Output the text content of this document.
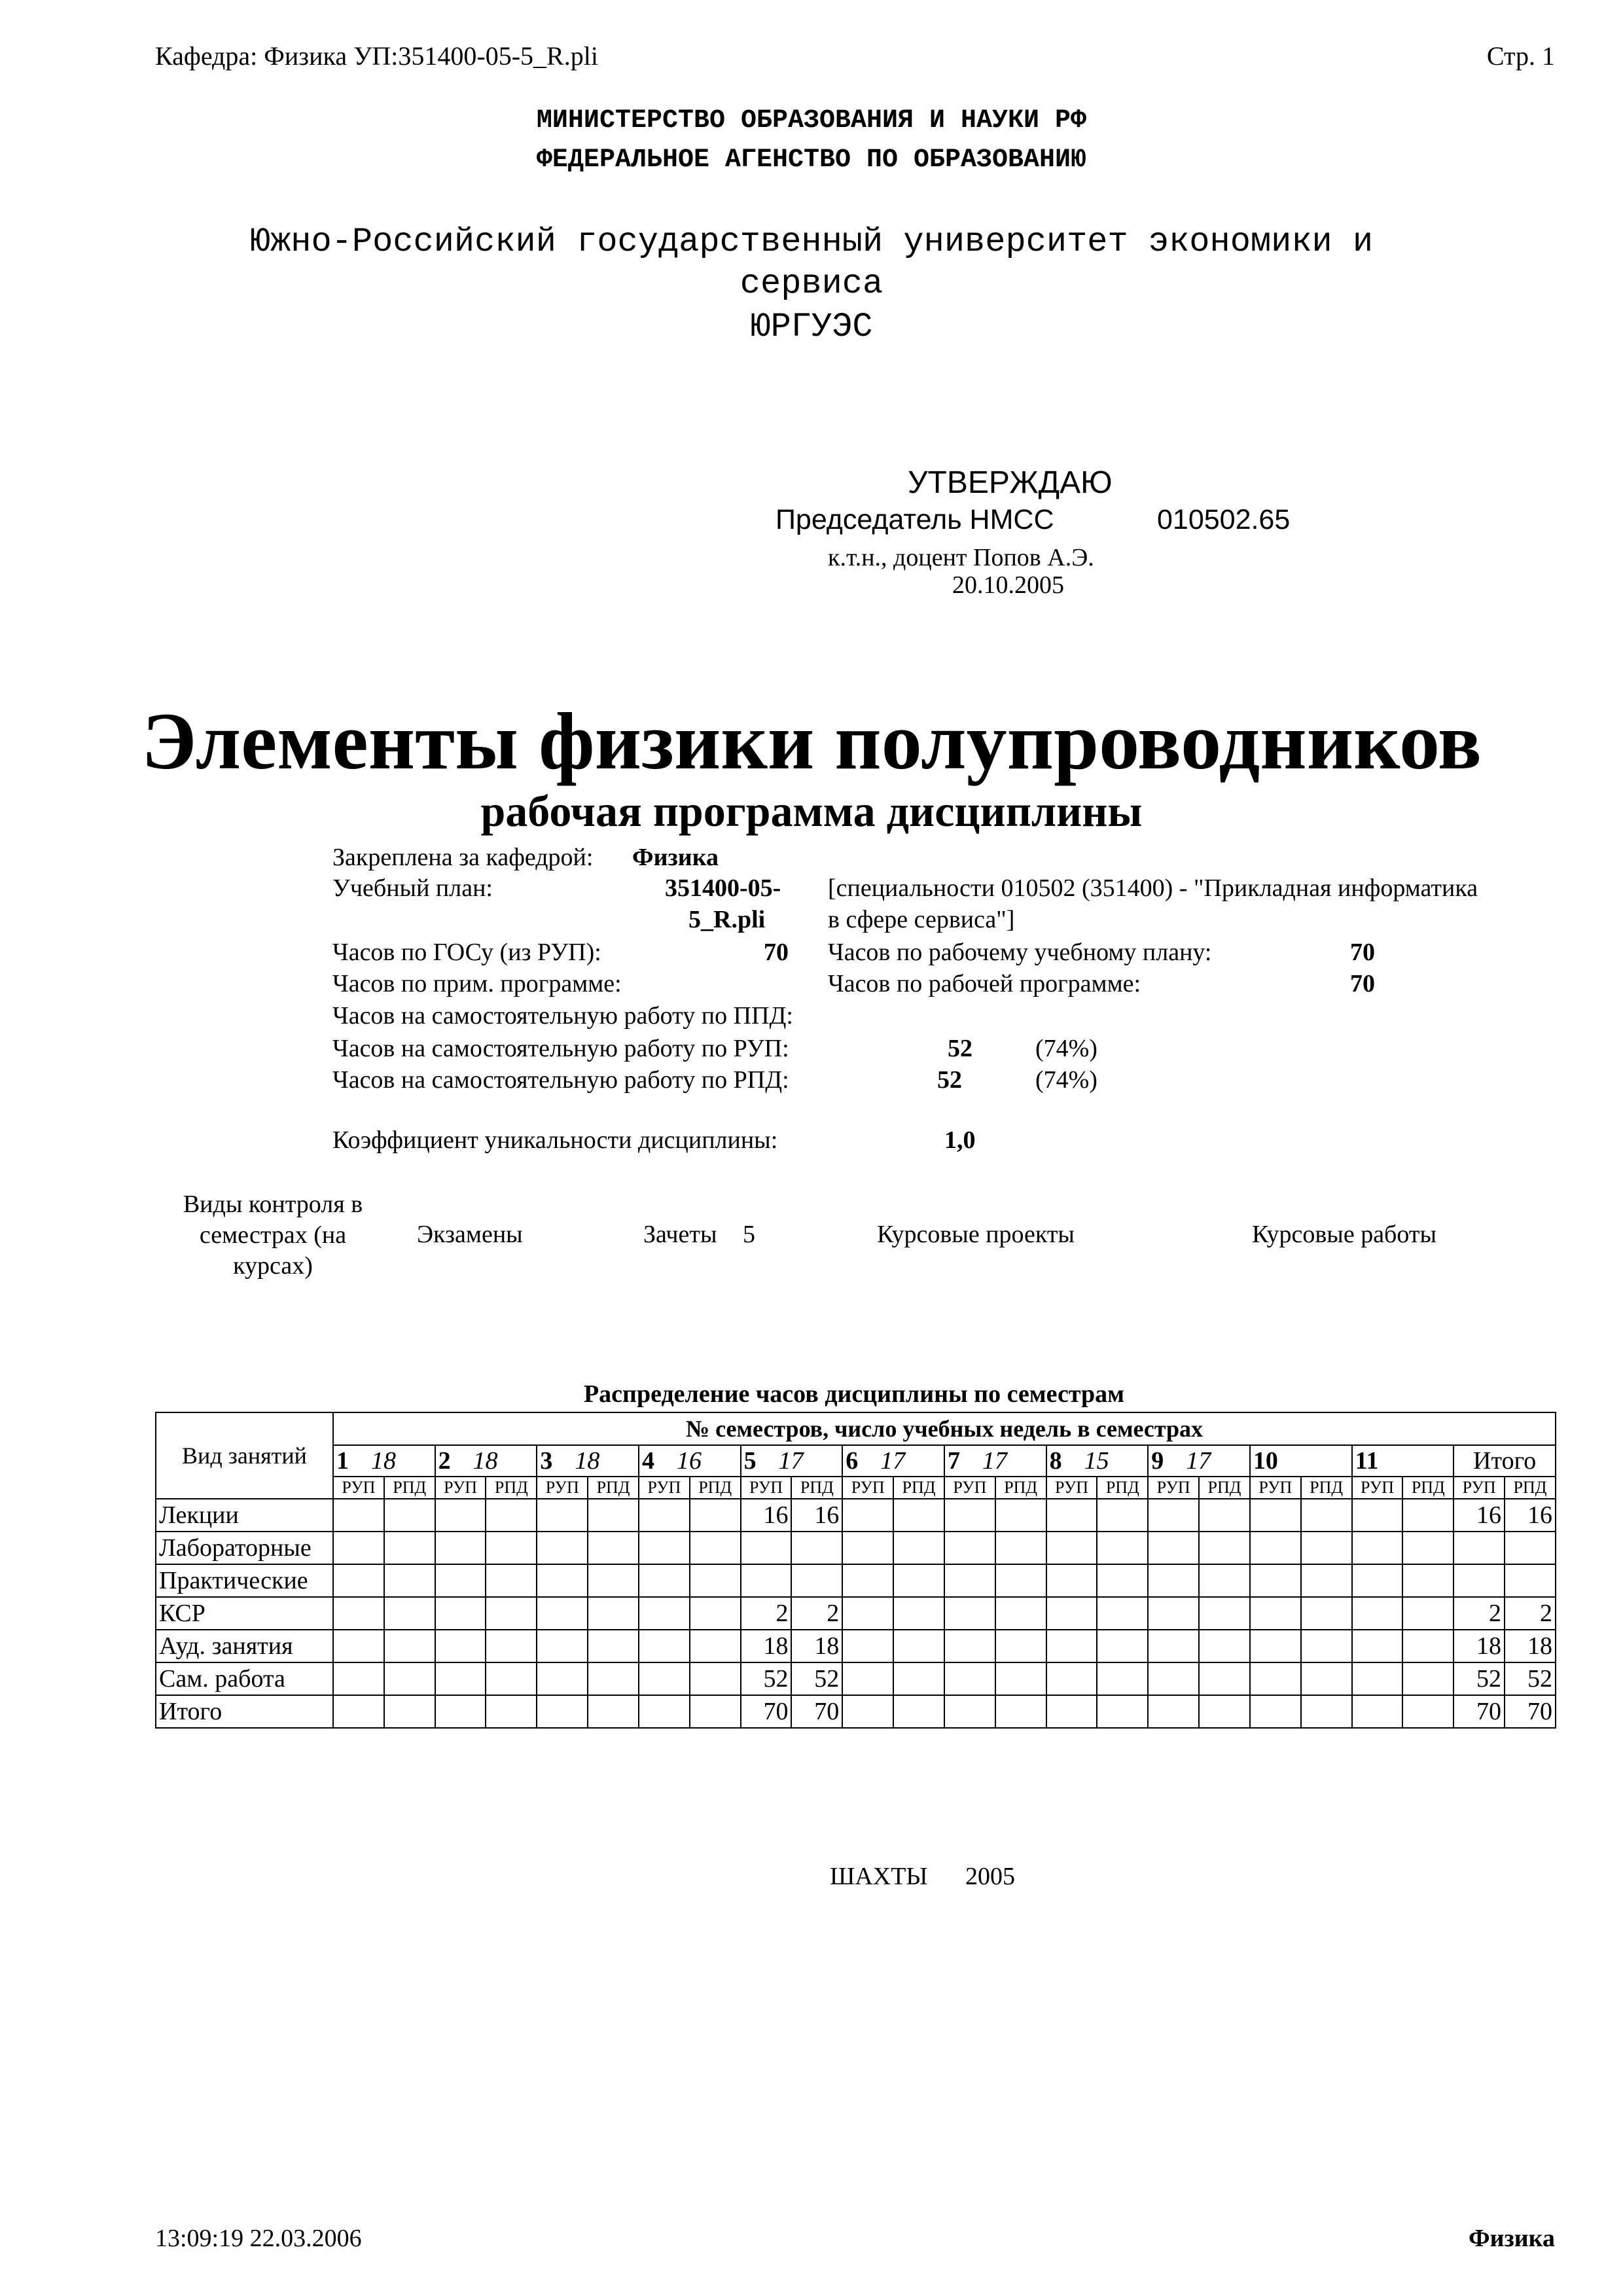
Кафедра: Физика УП:351400-05-5_R.pli	Стр. 1
МИНИСТЕРСТВО ОБРАЗОВАНИЯ И НАУКИ РФ
ФЕДЕРАЛЬНОЕ АГЕНСТВО ПО ОБРАЗОВАНИЮ
Южно-Российский государственный университет экономики и
сервиса
ЮРГУЭС
УТВЕРЖДАЮ
Председатель НМСС	010502.65
к.т.н., доцент Попов А.Э.
20.10.2005
Элементы физики полупроводников
рабочая программа дисциплины
Закреплена за кафедрой: Физика
Учебный план:	351400-05-
5_R.pli
[специальности 010502 (351400) - "Прикладная информатика
в сфере сервиса"]
Часов по ГОСу (из РУП):	70 Часов по рабочему учебному плану:	70
Часов по прим. программе:	Часов по рабочей программе:	70
Часов на самостоятельную работу по ППД:
Часов на самостоятельную работу по РУП:	52	(74%)
Часов на самостоятельную работу по РПД:	52	(74%)
Коэффициент уникальности дисциплины:	1,0
Виды контроля в
семестрах (на
курсах)
Экзамены	Зачеты 5	Курсовые проекты	Курсовые работы
Распределение часов дисциплины по семестрам
Вид занятий	№ семестров, число учебных недель в семестрах																							
	1 18		2 18		3 18		4 16		5 17		6 17		7 17		8 15		9 17		10		11		Итого	
	РУП	РПД	РУП	РПД	РУП	РПД	РУП	РПД	РУП	РПД	РУП	РПД	РУП	РПД	РУП	РПД	РУП	РПД	РУП	РПД	РУП	РПД	РУП	РПД
Лекции									16	16													16	16
Лабораторные																								
Практические																								
КСР									2	2													2	2
Ауд. занятия									18	18													18	18
Сам. работа									52	52													52	52
Итого									70	70													70	70
ШАХТЫ 2005
13:09:19 22.03.2006	Физика
